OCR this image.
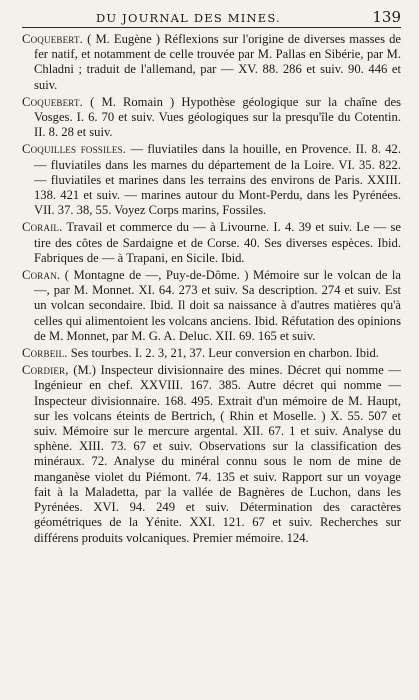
DU JOURNAL DES MINES.	139

Coquebert. ( M. Eugène ) Réflexions sur l'origine de diverses masses de fer natif, et notamment de celle trouvée par M. Pallas en Sibérie, par M. Chladni ; traduit de l'allemand, par — XV. 88. 286 et suiv. 90. 446 et suiv.

Coquebert. ( M. Romain ) Hypothèse géologique sur la chaîne des Vosges. I. 6. 70 et suiv. Vues géologiques sur la presqu'île du Cotentin. II. 8. 28 et suiv.

Coquilles fossiles. — fluviatiles dans la houille, en Provence. II. 8. 42. — fluviatiles dans les marnes du département de la Loire. VI. 35. 822. — fluviatiles et marines dans les terrains des environs de Paris. XXIII. 138. 421 et suiv. — marines autour du Mont-Perdu, dans les Pyrénées. VII. 37. 38, 55. Voyez Corps marins, Fossiles.

Corail. Travail et commerce du — à Livourne. I. 4. 39 et suiv. Le — se tire des côtes de Sardaigne et de Corse. 40. Ses diverses espèces. Ibid. Fabriques de — à Trapani, en Sicile. Ibid.

Coran. ( Montagne de —, Puy-de-Dôme. ) Mémoire sur le volcan de la —, par M. Monnet. XI. 64. 273 et suiv. Sa description. 274 et suiv. Est un volcan secondaire. Ibid. Il doit sa naissance à d'autres matières qu'à celles qui alimentoient les volcans anciens. Ibid. Réfutation des opinions de M. Monnet, par M. G. A. Deluc. XII. 69. 165 et suiv.

Corbeil. Ses tourbes. I. 2. 3, 21, 37. Leur conversion en charbon. Ibid.

Cordier, (M.) Inspecteur divisionnaire des mines. Décret qui nomme — Ingénieur en chef. XXVIII. 167. 385. Autre décret qui nomme — Inspecteur divisionnaire. 168. 495. Extrait d'un mémoire de M. Haupt, sur les volcans éteints de Bertrich, ( Rhin et Moselle. ) X. 55. 507 et suiv. Mémoire sur le mercure argental. XII. 67. 1 et suiv. Analyse du sphène. XIII. 73. 67 et suiv. Observations sur la classification des minéraux. 72. Analyse du minéral connu sous le nom de mine de manganèse violet du Piémont. 74. 135 et suiv. Rapport sur un voyage fait à la Maladetta, par la vallée de Bagnères de Luchon, dans les Pyrénées. XVI. 94. 249 et suiv. Détermination des caractères géométriques de la Yénite. XXI. 121. 67 et suiv. Recherches sur différens produits volcaniques. Premier mémoire. 124.
